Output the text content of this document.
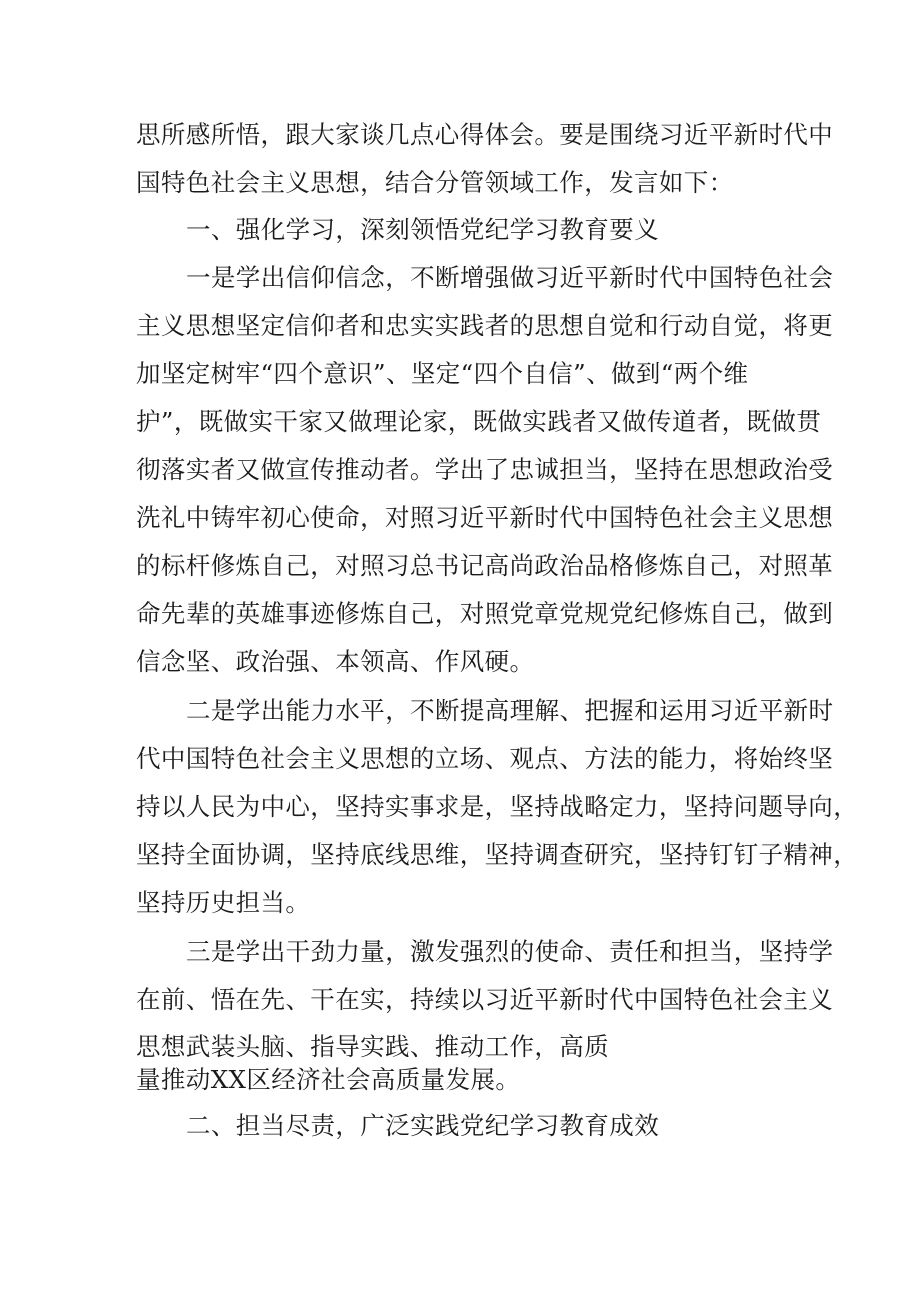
思所感所悟，跟大家谈几点心得体会。要是围绕习近平新时代中
国特色社会主义思想，结合分管领域工作，发言如下：
一、强化学习，深刻领悟党纪学习教育要义
一是学出信仰信念，不断增强做习近平新时代中国特色社会
主义思想坚定信仰者和忠实实践者的思想自觉和行动自觉，将更
加坚定树牢“四个意识”、坚定“四个自信”、做到“两个维
护”，既做实干家又做理论家，既做实践者又做传道者，既做贯
彻落实者又做宣传推动者。学出了忠诚担当，坚持在思想政治受
洗礼中铸牢初心使命，对照习近平新时代中国特色社会主义思想
的标杆修炼自己，对照习总书记高尚政治品格修炼自己，对照革
命先辈的英雄事迹修炼自己，对照党章党规党纪修炼自己，做到
信念坚、政治强、本领高、作风硬。
二是学出能力水平，不断提高理解、把握和运用习近平新时
代中国特色社会主义思想的立场、观点、方法的能力，将始终坚
持以人民为中心，坚持实事求是，坚持战略定力，坚持问题导向，
坚持全面协调，坚持底线思维，坚持调查研究，坚持钉钉子精神，
坚持历史担当。
三是学出干劲力量，激发强烈的使命、责任和担当，坚持学
在前、悟在先、干在实，持续以习近平新时代中国特色社会主义
思想武装头脑、指导实践、推动工作，高质
量推动XX区经济社会高质量发展。
二、担当尽责，广泛实践党纪学习教育成效
